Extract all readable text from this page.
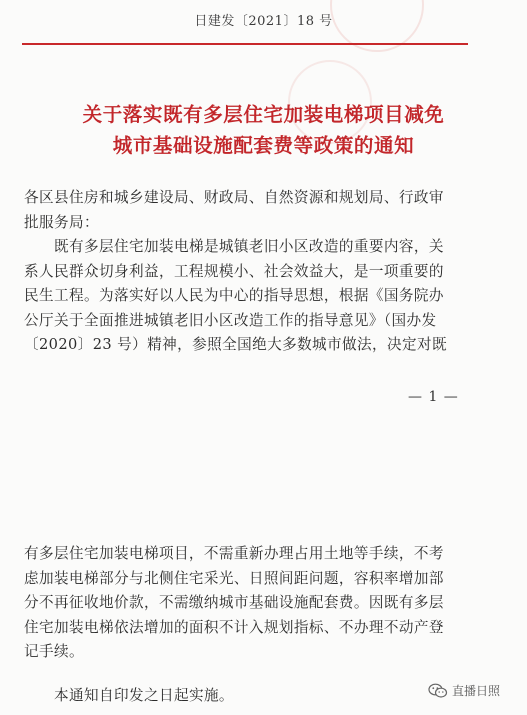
日建发〔2021〕18 号
关于落实既有多层住宅加装电梯项目减免
城市基础设施配套费等政策的通知
各区县住房和城乡建设局、财政局、自然资源和规划局、行政审
批服务局：
既有多层住宅加装电梯是城镇老旧小区改造的重要内容，关
系人民群众切身利益，工程规模小、社会效益大，是一项重要的
民生工程。为落实好以人民为中心的指导思想，根据《国务院办
公厅关于全面推进城镇老旧小区改造工作的指导意见》（国办发
〔2020〕23 号）精神，参照全国绝大多数城市做法，决定对既
— 1 —
有多层住宅加装电梯项目，不需重新办理占用土地等手续，不考
虑加装电梯部分与北侧住宅采光、日照间距问题，容积率增加部
分不再征收地价款，不需缴纳城市基础设施配套费。因既有多层
住宅加装电梯依法增加的面积不计入规划指标、不办理不动产登
记手续。
本通知自印发之日起实施。	直播日照
